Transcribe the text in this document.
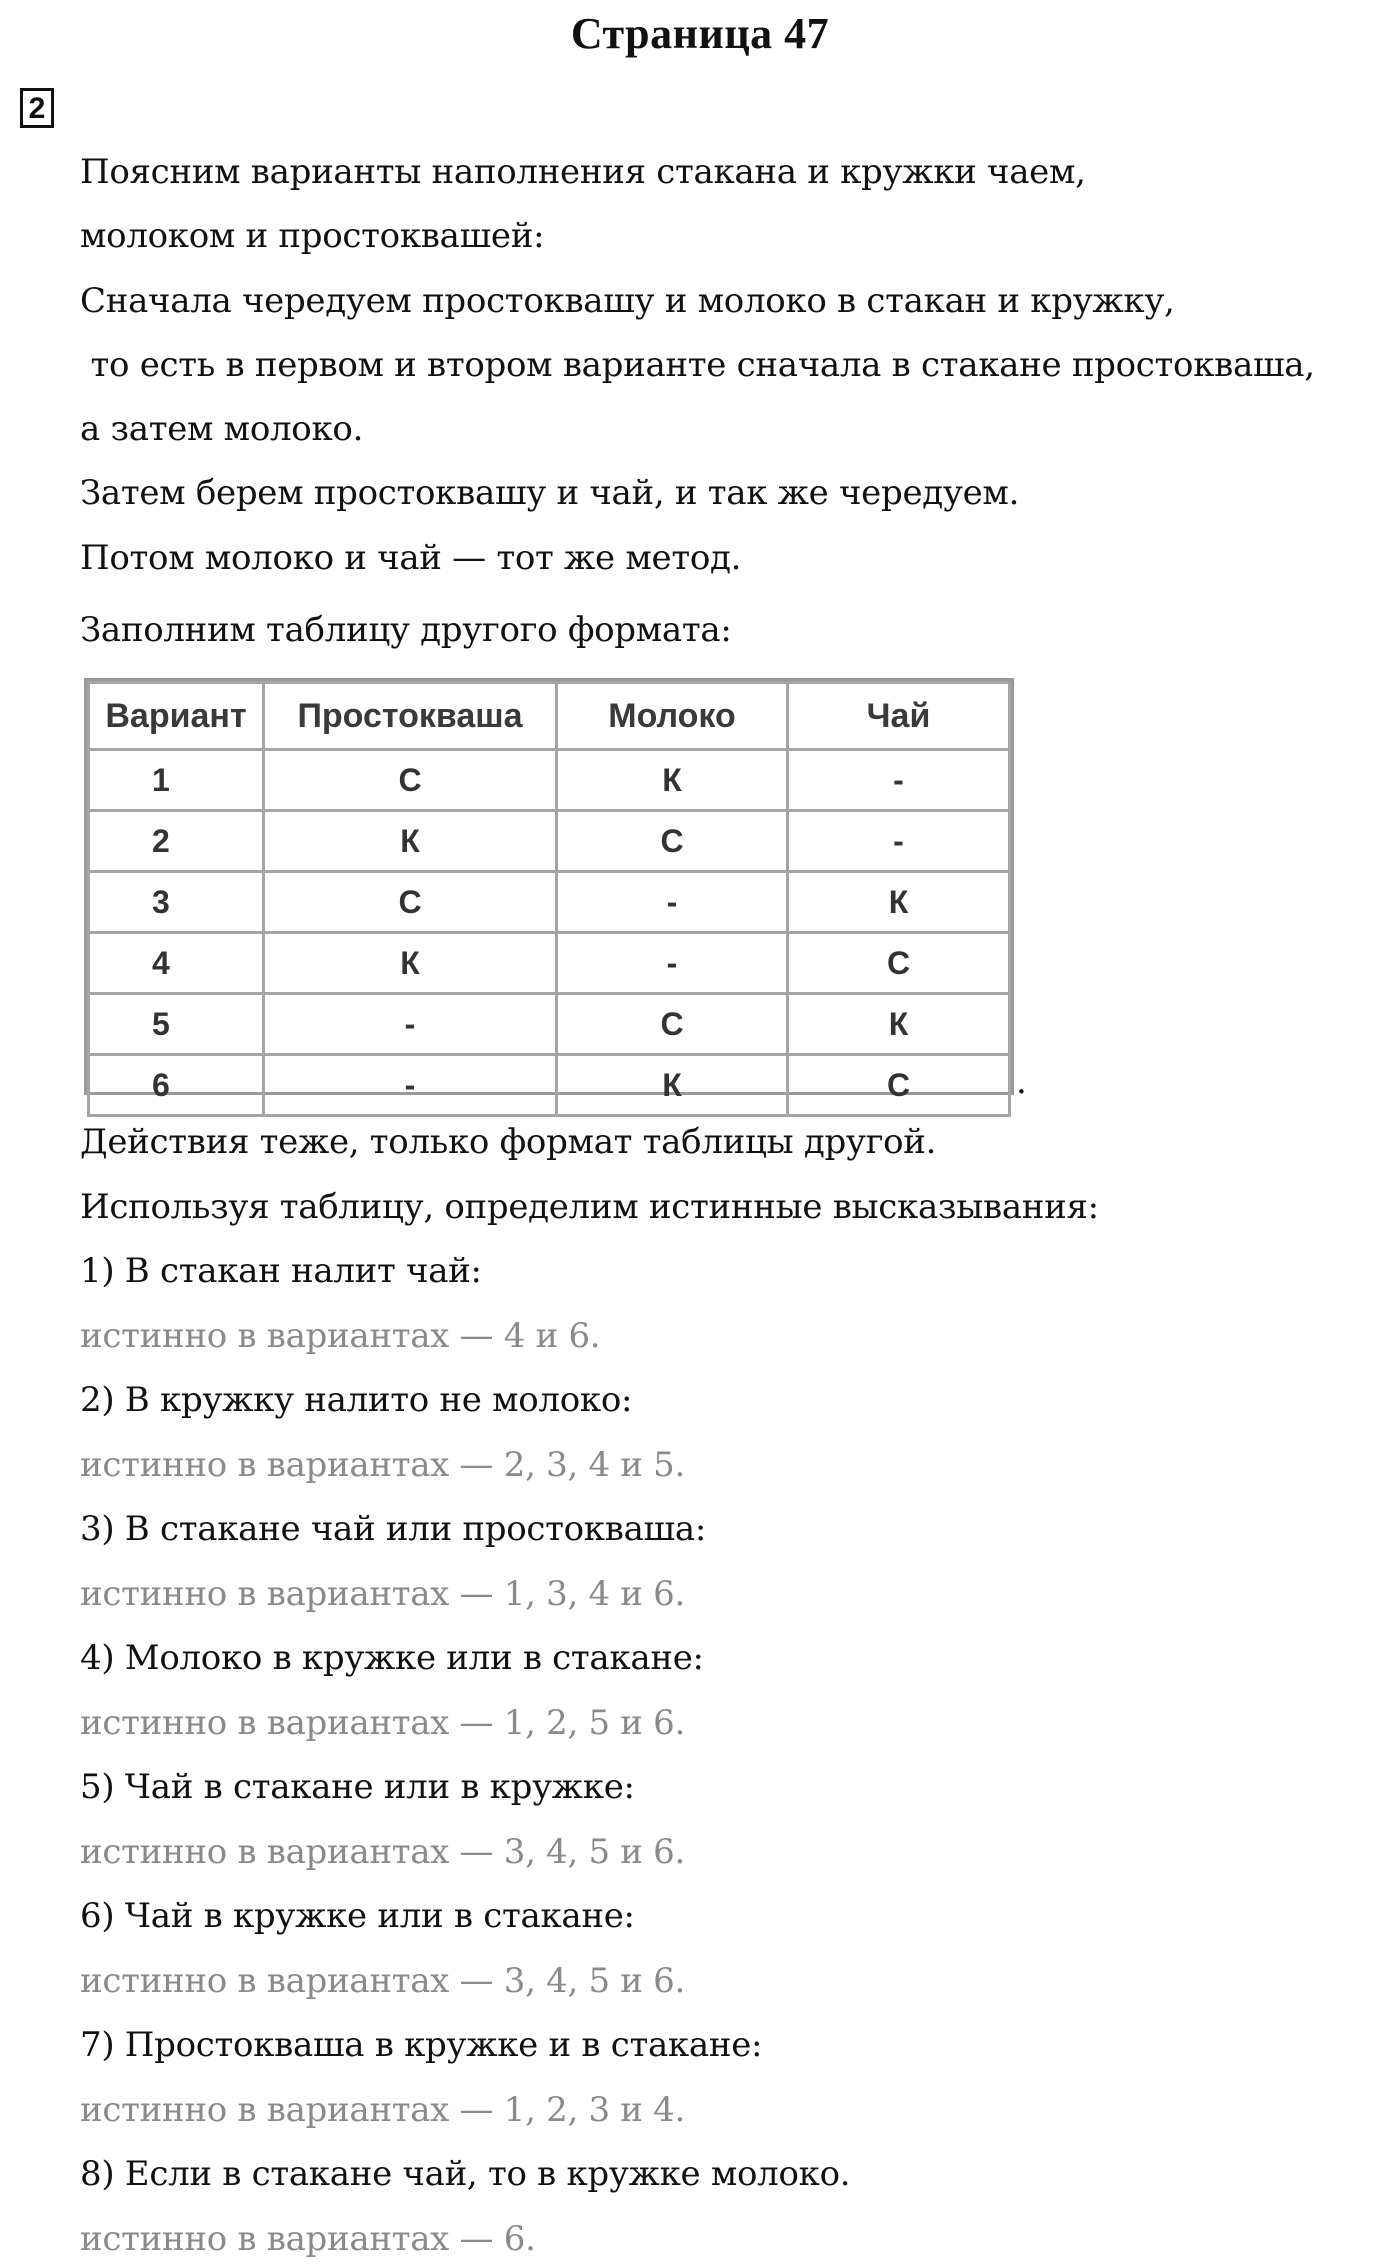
Страница 47
2
Поясним варианты наполнения стакана и кружки чаем,
молоком и простоквашей:
Сначала чередуем простоквашу и молоко в стакан и кружку,
то есть в первом и втором варианте сначала в стакане простокваша,
а затем молоко.
Затем берем простоквашу и чай, и так же чередуем.
Потом молоко и чай — тот же метод.
Заполним таблицу другого формата:
Вариант	Простокваша	Молоко	Чай
1	С	К	-
2	К	С	-
3	С	-	К
4	К	-	С
5	-	С	К
6	-	К	С	.
Действия теже, только формат таблицы другой.
Используя таблицу, определим истинные высказывания:
1) В стакан налит чай:
истинно в вариантах — 4 и 6.
2) В кружку налито не молоко:
истинно в вариантах — 2, 3, 4 и 5.
3) В стакане чай или простокваша:
истинно в вариантах — 1, 3, 4 и 6.
4) Молоко в кружке или в стакане:
истинно в вариантах — 1, 2, 5 и 6.
5) Чай в стакане или в кружке:
истинно в вариантах — 3, 4, 5 и 6.
6) Чай в кружке или в стакане:
истинно в вариантах — 3, 4, 5 и 6.
7) Простокваша в кружке и в стакане:
истинно в вариантах — 1, 2, 3 и 4.
8) Если в стакане чай, то в кружке молоко.
истинно в вариантах — 6.
